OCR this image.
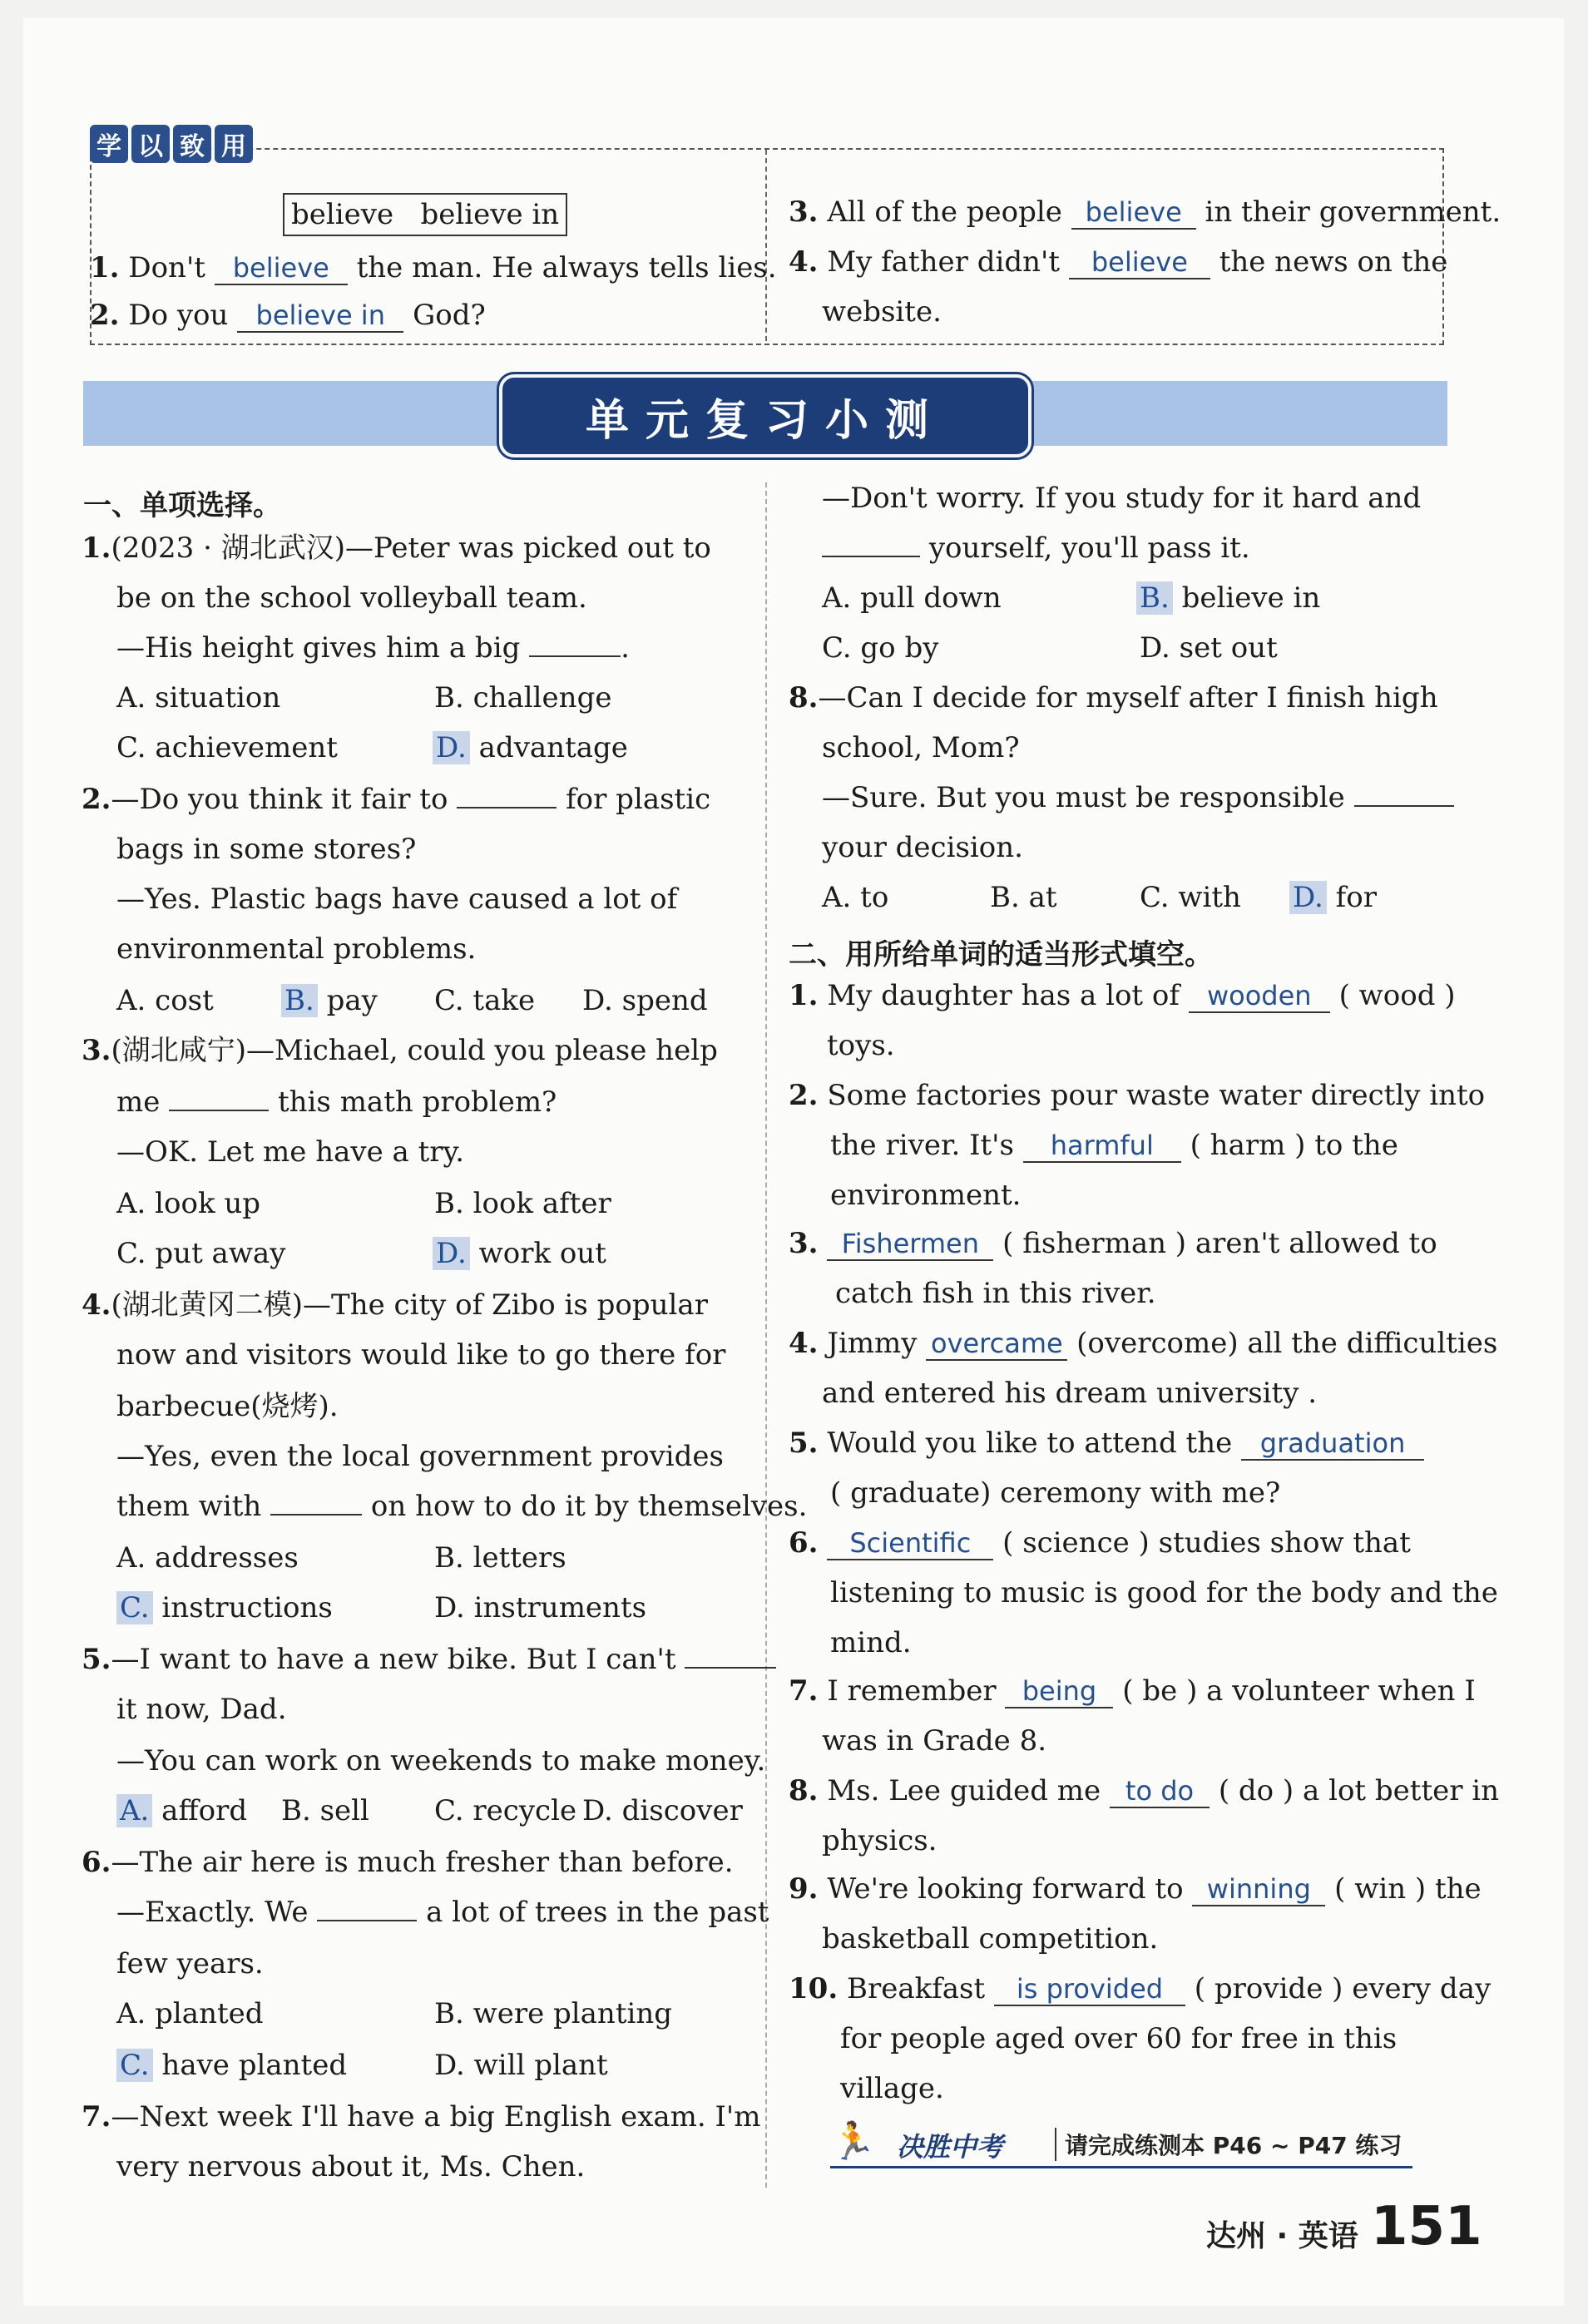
学 以 致 用
believe   believe in
1. Don't believe the man. He always tells lies.
2. Do you believe in God?
3. All of the people believe in their government.
4. My father didn't believe the news on the
website.
单元复习小测
一、单项选择。
1.(2023 · 湖北武汉)—Peter was picked out to
be on the school volleyball team.
—His height gives him a big	.
A. situation	B. challenge
C. achievement	D. advantage
2.—Do you think it fair to	for plastic
bags in some stores?
—Yes. Plastic bags have caused a lot of
environmental problems.
A. cost	B. pay C. take D. spend
3.(湖北咸宁)—Michael, could you please help
me	this math problem?
—OK. Let me have a try.
A. look up	B. look after
C. put away	D. work out
4.(湖北黄冈二模)—The city of Zibo is popular
now and visitors would like to go there for
barbecue(烧烤).
—Yes, even the local government provides
them with	on how to do it by themselves.
A. addresses	B. letters
C. instructions	D. instruments
5.—I want to have a new bike. But I can't
it now, Dad.
—You can work on weekends to make money.
A. afford B. sell C. recycle D. discover
6.—The air here is much fresher than before.
—Exactly. We	a lot of trees in the past
few years.
A. planted	B. were planting
C. have planted	D. will plant
7.—Next week I'll have a big English exam. I'm
very nervous about it, Ms. Chen.
—Don't worry. If you study for it hard and
yourself, you'll pass it.
A. pull down	B. believe in
C. go by	D. set out
8.—Can I decide for myself after I finish high
school, Mom?
—Sure. But you must be responsible
your decision.
A. to	B. at	C. with D. for
二、用所给单词的适当形式填空。
1. My daughter has a lot of wooden ( wood )
toys.
2. Some factories pour waste water directly into
the river. It's harmful ( harm ) to the
environment.
3. Fishermen ( fisherman ) aren't allowed to
catch fish in this river.
4. Jimmy overcame (overcome) all the difficulties
and entered his dream university .
5. Would you like to attend the graduation
( graduate) ceremony with me?
6. Scientific ( science ) studies show that
listening to music is good for the body and the
mind.
7. I remember being ( be ) a volunteer when I
was in Grade 8.
8. Ms. Lee guided me to do ( do ) a lot better in
physics.
9. We're looking forward to winning ( win ) the
basketball competition.
10. Breakfast is provided ( provide ) every day
for people aged over 60 for free in this
village.
🏃 决胜中考	请完成练测本 P46 ~ P47 练习
达州 · 英语 151
